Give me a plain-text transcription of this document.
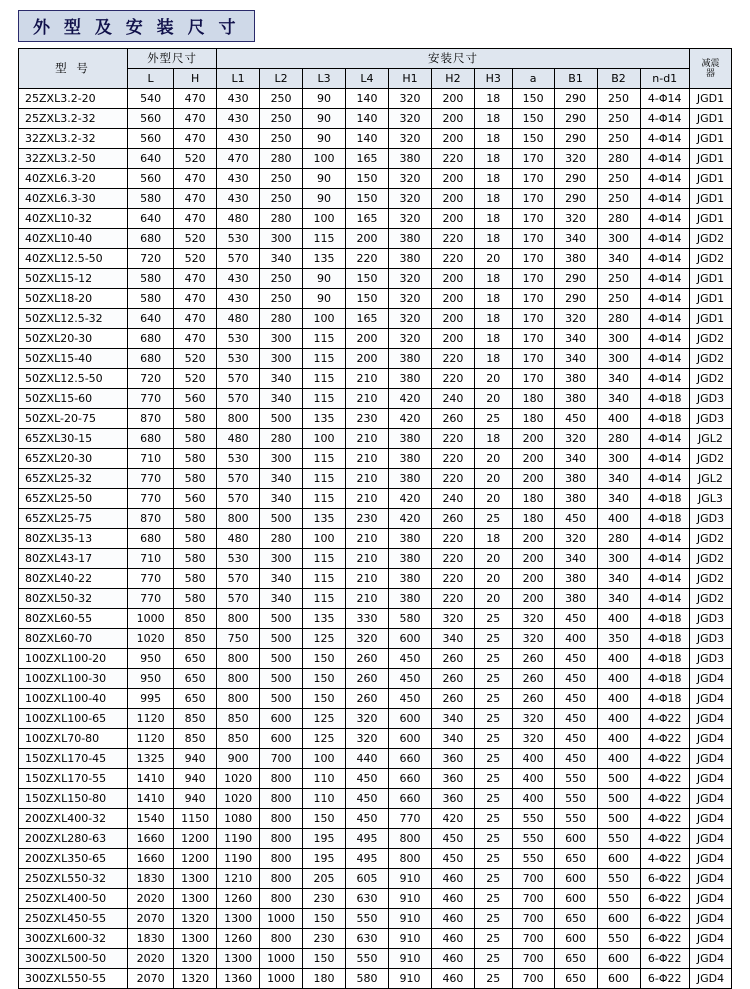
外 型 及 安 装 尺 寸
型 号	外型尺寸		安装尺寸											减震
器

	L	H	L1	L2	L3	L4	H1	H2	H3	a	B1	B2	n-d1	
25ZXL3.2-20	540	470	430	250	90	140	320	200	18	150	290	250	4-Φ14	JGD1
25ZXL3.2-32	560	470	430	250	90	140	320	200	18	150	290	250	4-Φ14	JGD1
32ZXL3.2-32	560	470	430	250	90	140	320	200	18	150	290	250	4-Φ14	JGD1
32ZXL3.2-50	640	520	470	280	100	165	380	220	18	170	320	280	4-Φ14	JGD1
40ZXL6.3-20	560	470	430	250	90	150	320	200	18	170	290	250	4-Φ14	JGD1
40ZXL6.3-30	580	470	430	250	90	150	320	200	18	170	290	250	4-Φ14	JGD1
40ZXL10-32	640	470	480	280	100	165	320	200	18	170	320	280	4-Φ14	JGD1
40ZXL10-40	680	520	530	300	115	200	380	220	18	170	340	300	4-Φ14	JGD2
40ZXL12.5-50	720	520	570	340	135	220	380	220	20	170	380	340	4-Φ14	JGD2
50ZXL15-12	580	470	430	250	90	150	320	200	18	170	290	250	4-Φ14	JGD1
50ZXL18-20	580	470	430	250	90	150	320	200	18	170	290	250	4-Φ14	JGD1
50ZXL12.5-32	640	470	480	280	100	165	320	200	18	170	320	280	4-Φ14	JGD1
50ZXL20-30	680	470	530	300	115	200	320	200	18	170	340	300	4-Φ14	JGD2
50ZXL15-40	680	520	530	300	115	200	380	220	18	170	340	300	4-Φ14	JGD2
50ZXL12.5-50	720	520	570	340	115	210	380	220	20	170	380	340	4-Φ14	JGD2
50ZXL15-60	770	560	570	340	115	210	420	240	20	180	380	340	4-Φ18	JGD3
50ZXL-20-75	870	580	800	500	135	230	420	260	25	180	450	400	4-Φ18	JGD3
65ZXL30-15	680	580	480	280	100	210	380	220	18	200	320	280	4-Φ14	JGL2
65ZXL20-30	710	580	530	300	115	210	380	220	20	200	340	300	4-Φ14	JGD2
65ZXL25-32	770	580	570	340	115	210	380	220	20	200	380	340	4-Φ14	JGL2
65ZXL25-50	770	560	570	340	115	210	420	240	20	180	380	340	4-Φ18	JGL3
65ZXL25-75	870	580	800	500	135	230	420	260	25	180	450	400	4-Φ18	JGD3
80ZXL35-13	680	580	480	280	100	210	380	220	18	200	320	280	4-Φ14	JGD2
80ZXL43-17	710	580	530	300	115	210	380	220	20	200	340	300	4-Φ14	JGD2
80ZXL40-22	770	580	570	340	115	210	380	220	20	200	380	340	4-Φ14	JGD2
80ZXL50-32	770	580	570	340	115	210	380	220	20	200	380	340	4-Φ14	JGD2
80ZXL60-55	1000	850	800	500	135	330	580	320	25	320	450	400	4-Φ18	JGD3
80ZXL60-70	1020	850	750	500	125	320	600	340	25	320	400	350	4-Φ18	JGD3
100ZXL100-20	950	650	800	500	150	260	450	260	25	260	450	400	4-Φ18	JGD3
100ZXL100-30	950	650	800	500	150	260	450	260	25	260	450	400	4-Φ18	JGD4
100ZXL100-40	995	650	800	500	150	260	450	260	25	260	450	400	4-Φ18	JGD4
100ZXL100-65	1120	850	850	600	125	320	600	340	25	320	450	400	4-Φ22	JGD4
100ZXL70-80	1120	850	850	600	125	320	600	340	25	320	450	400	4-Φ22	JGD4
150ZXL170-45	1325	940	900	700	100	440	660	360	25	400	450	400	4-Φ22	JGD4
150ZXL170-55	1410	940	1020	800	110	450	660	360	25	400	550	500	4-Φ22	JGD4
150ZXL150-80	1410	940	1020	800	110	450	660	360	25	400	550	500	4-Φ22	JGD4
200ZXL400-32	1540	1150	1080	800	150	450	770	420	25	550	550	500	4-Φ22	JGD4
200ZXL280-63	1660	1200	1190	800	195	495	800	450	25	550	600	550	4-Φ22	JGD4
200ZXL350-65	1660	1200	1190	800	195	495	800	450	25	550	650	600	4-Φ22	JGD4
250ZXL550-32	1830	1300	1210	800	205	605	910	460	25	700	600	550	6-Φ22	JGD4
250ZXL400-50	2020	1300	1260	800	230	630	910	460	25	700	600	550	6-Φ22	JGD4
250ZXL450-55	2070	1320	1300	1000	150	550	910	460	25	700	650	600	6-Φ22	JGD4
300ZXL600-32	1830	1300	1260	800	230	630	910	460	25	700	600	550	6-Φ22	JGD4
300ZXL500-50	2020	1320	1300	1000	150	550	910	460	25	700	650	600	6-Φ22	JGD4
300ZXL550-55	2070	1320	1360	1000	180	580	910	460	25	700	650	600	6-Φ22	JGD4
